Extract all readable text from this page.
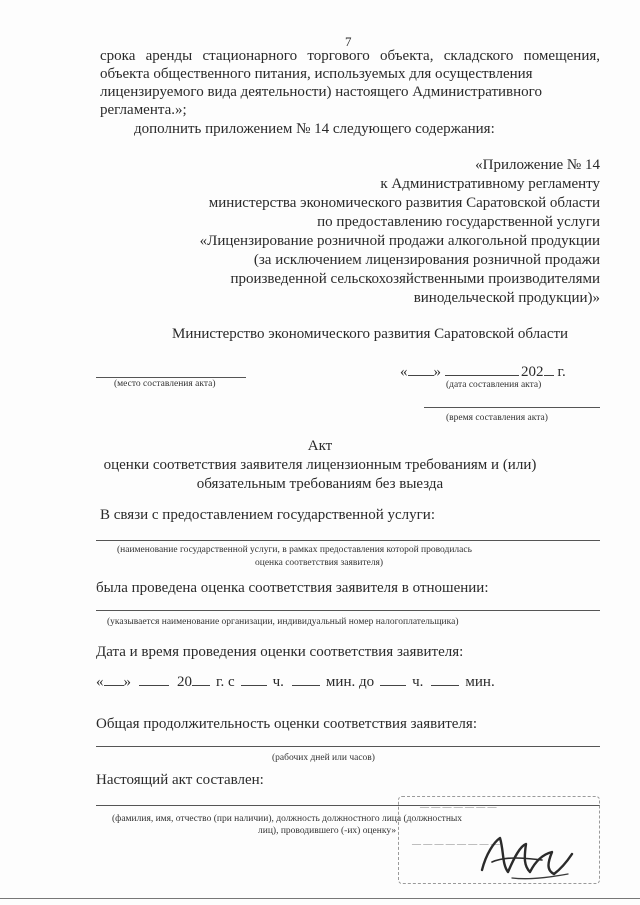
7
срока аренды стационарного торгового объекта, складского помещения,
объекта общественного питания, используемых для осуществления
лицензируемого вида деятельности) настоящего Административного
регламента.»;
дополнить приложением № 14 следующего содержания:
«Приложение № 14
к Административному регламенту
министерства экономического развития Саратовской области
по предоставлению государственной услуги
«Лицензирование розничной продажи алкогольной продукции
(за исключением лицензирования розничной продажи
произведенной сельскохозяйственными производителями
винодельческой продукции)»
Министерство экономического развития Саратовской области
(место составления акта)
« »	202 г.
(дата составления акта)
(время составления акта)
Акт
оценки соответствия заявителя лицензионным требованиям и (или)
обязательным требованиям без выезда
В связи с предоставлением государственной услуги:
(наименование государственной услуги, в рамках предоставления которой проводилась
оценка соответствия заявителя)
была проведена оценка соответствия заявителя в отношении:
(указывается наименование организации, индивидуальный номер налогоплательщика)
Дата и время проведения оценки соответствия заявителя:
« »	20 г. с	ч.	мин. до	ч.	мин.
Общая продолжительность оценки соответствия заявителя:
(рабочих дней или часов)
Настоящий акт составлен:
(фамилия, имя, отчество (при наличии), должность должностного лица (должностных
лиц), проводившего (-их) оценку»
— — — — — — —
— — — — — — — —
